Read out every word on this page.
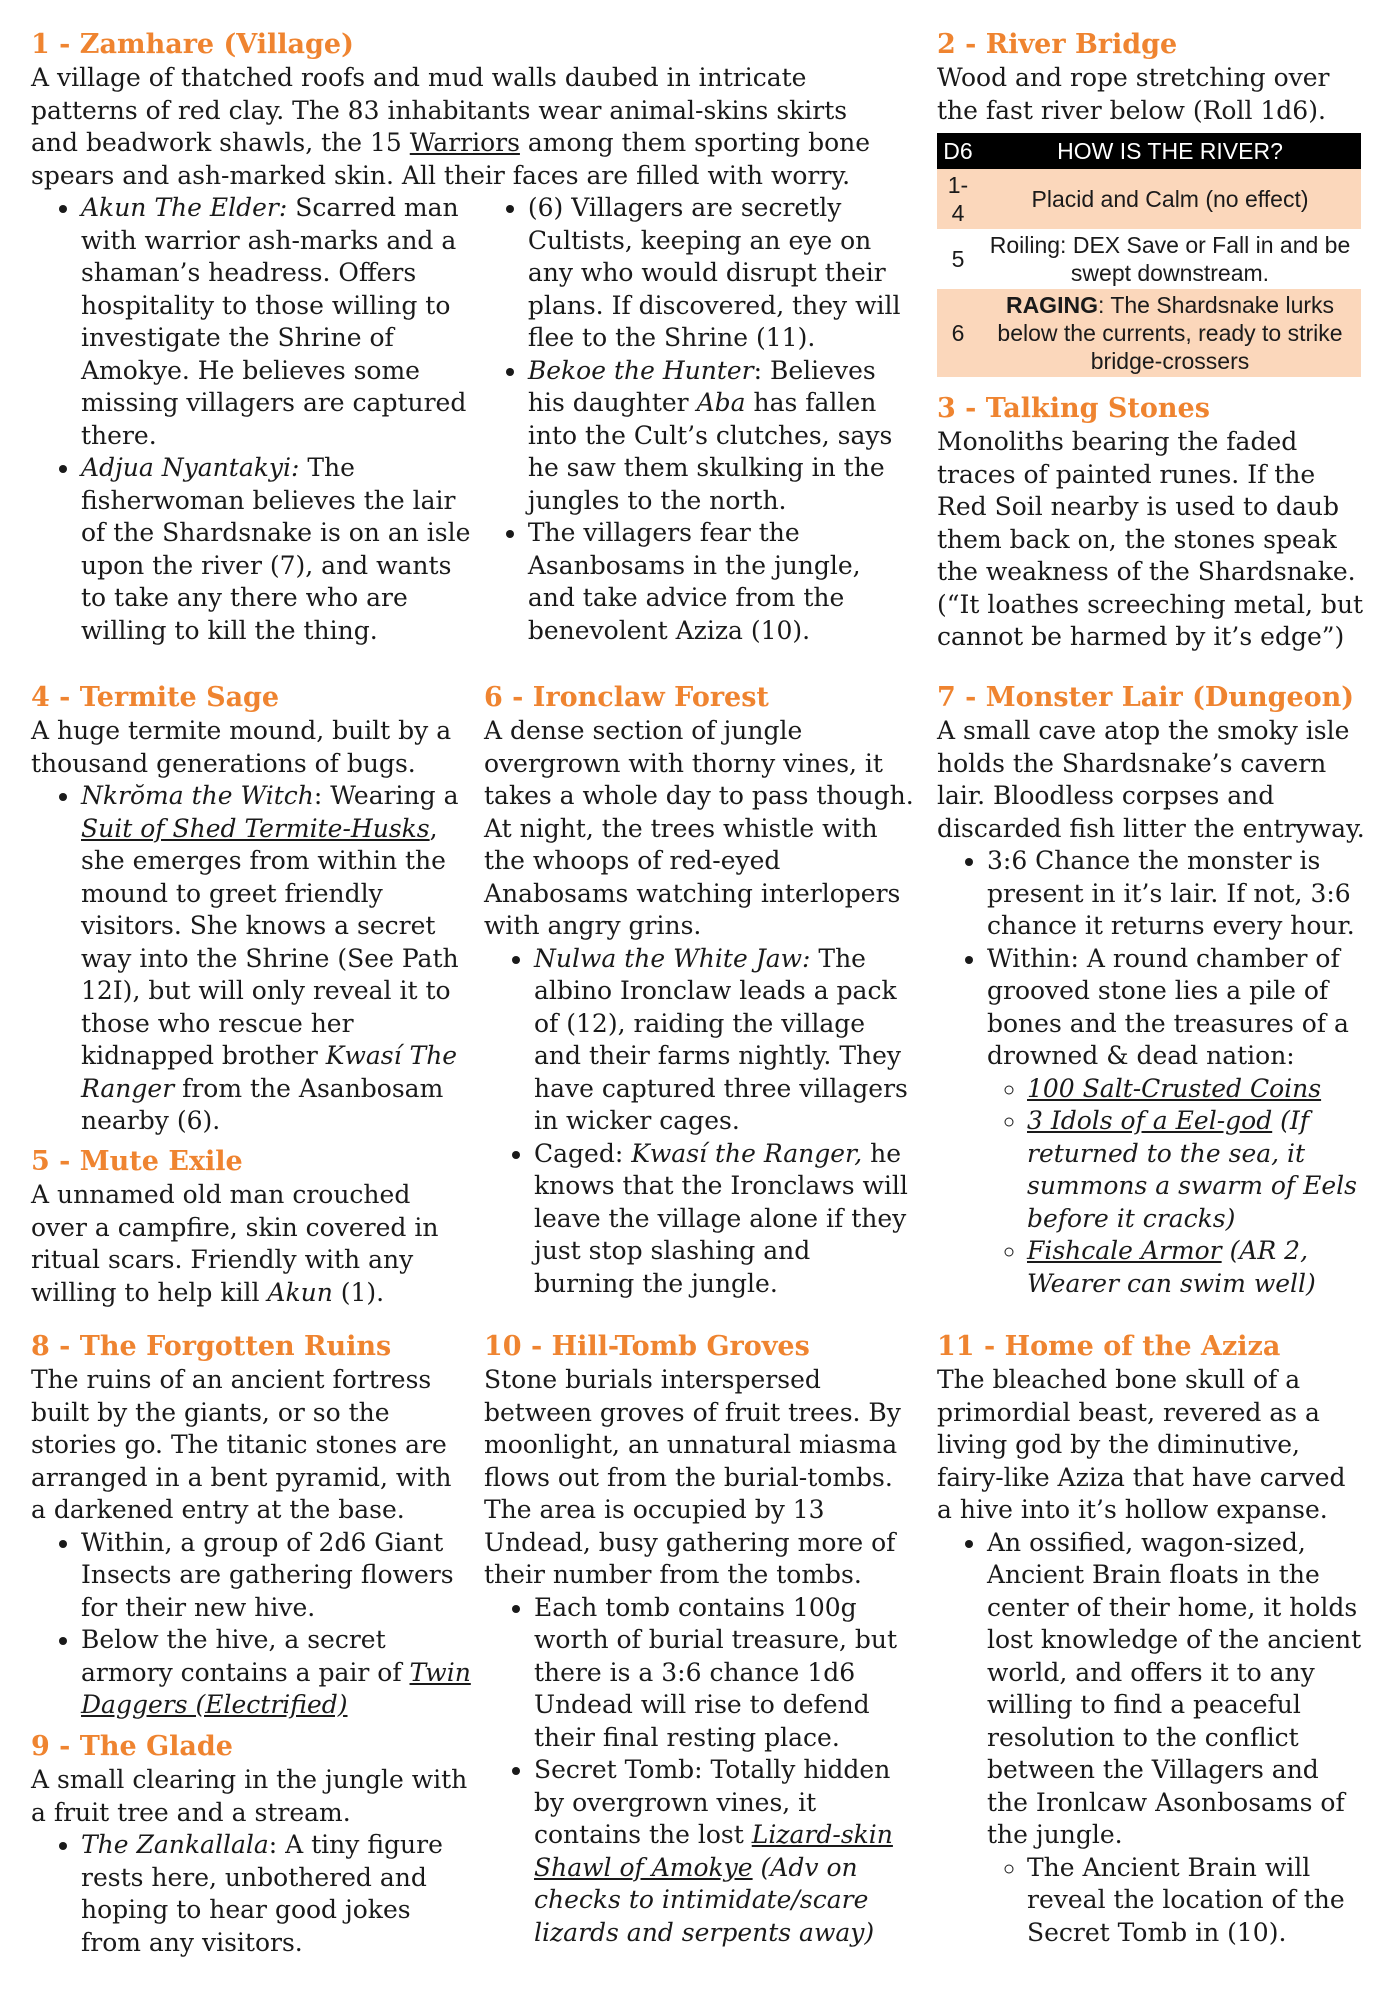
1 - Zamhare (Village)

A village of thatched roofs and mud walls daubed in intricate patterns of red clay. The 83 inhabitants wear animal-skins skirts and beadwork shawls, the 15 Warriors among them sporting bone spears and ash-marked skin. All their faces are filled with worry.

• Akun The Elder: Scarred man with warrior ash-marks and a shaman’s headress. Offers hospitality to those willing to investigate the Shrine of Amokye. He believes some missing villagers are captured there.
• Adjua Nyantakyi: The fisherwoman believes the lair of the Shardsnake is on an isle upon the river (7), and wants to take any there who are willing to kill the thing.
• (6) Villagers are secretly Cultists, keeping an eye on any who would disrupt their plans. If discovered, they will flee to the Shrine (11).
• Bekoe the Hunter: Believes his daughter Aba has fallen into the Cult’s clutches, says he saw them skulking in the jungles to the north.
• The villagers fear the Asanbosams in the jungle, and take advice from the benevolent Aziza (10).
2 - River Bridge

Wood and rope stretching over the fast river below (Roll 1d6).

D6	HOW IS THE RIVER?
1-4	Placid and Calm (no effect)
5	Roiling: DEX Save or Fall in and be swept downstream.
6	RAGING: The Shardsnake lurks below the currents, ready to strike bridge-crossers
3 - Talking Stones

Monoliths bearing the faded traces of painted runes. If the Red Soil nearby is used to daub them back on, the stones speak the weakness of the Shardsnake. (“It loathes screeching metal, but cannot be harmed by it’s edge”)

4 - Termite Sage

A huge termite mound, built by a thousand generations of bugs.

• Nkrŏma the Witch: Wearing a Suit of Shed Termite-Husks, she emerges from within the mound to greet friendly visitors. She knows a secret way into the Shrine (See Path 12I), but will only reveal it to those who rescue her kidnapped brother Kwasí The Ranger from the Asanbosam nearby (6).
5 - Mute Exile

A unnamed old man crouched over a campfire, skin covered in ritual scars. Friendly with any willing to help kill Akun (1).

6 - Ironclaw Forest

A dense section of jungle overgrown with thorny vines, it takes a whole day to pass though. At night, the trees whistle with the whoops of red-eyed Anabosams watching interlopers with angry grins.

• Nulwa the White Jaw: The albino Ironclaw leads a pack of (12), raiding the village and their farms nightly. They have captured three villagers in wicker cages.
• Caged: Kwasí the Ranger, he knows that the Ironclaws will leave the village alone if they just stop slashing and burning the jungle.
7 - Monster Lair (Dungeon)

A small cave atop the smoky isle holds the Shardsnake’s cavern lair. Bloodless corpses and discarded fish litter the entryway.

• 3:6 Chance the monster is present in it’s lair. If not, 3:6 chance it returns every hour.
• Within: A round chamber of grooved stone lies a pile of bones and the treasures of a drowned & dead nation:
◦ 100 Salt-Crusted Coins
◦ 3 Idols of a Eel-god (If returned to the sea, it summons a swarm of Eels before it cracks)
◦ Fishcale Armor (AR 2, Wearer can swim well)
8 - The Forgotten Ruins

The ruins of an ancient fortress built by the giants, or so the stories go. The titanic stones are arranged in a bent pyramid, with a darkened entry at the base.

• Within, a group of 2d6 Giant Insects are gathering flowers for their new hive.
• Below the hive, a secret armory contains a pair of Twin Daggers (Electrified)
9 - The Glade

A small clearing in the jungle with a fruit tree and a stream.

• The Zankallala: A tiny figure rests here, unbothered and hoping to hear good jokes from any visitors.
10 - Hill-Tomb Groves

Stone burials interspersed between groves of fruit trees. By moonlight, an unnatural miasma flows out from the burial-tombs. The area is occupied by 13 Undead, busy gathering more of their number from the tombs.

• Each tomb contains 100g worth of burial treasure, but there is a 3:6 chance 1d6 Undead will rise to defend their final resting place.
• Secret Tomb: Totally hidden by overgrown vines, it contains the lost Lizard-skin Shawl of Amokye (Adv on checks to intimidate/scare lizards and serpents away)
11 - Home of the Aziza

The bleached bone skull of a primordial beast, revered as a living god by the diminutive, fairy-like Aziza that have carved a hive into it’s hollow expanse.

• An ossified, wagon-sized, Ancient Brain floats in the center of their home, it holds lost knowledge of the ancient world, and offers it to any willing to find a peaceful resolution to the conflict between the Villagers and the Ironlcaw Asonbosams of the jungle.
◦ The Ancient Brain will reveal the location of the Secret Tomb in (10).
